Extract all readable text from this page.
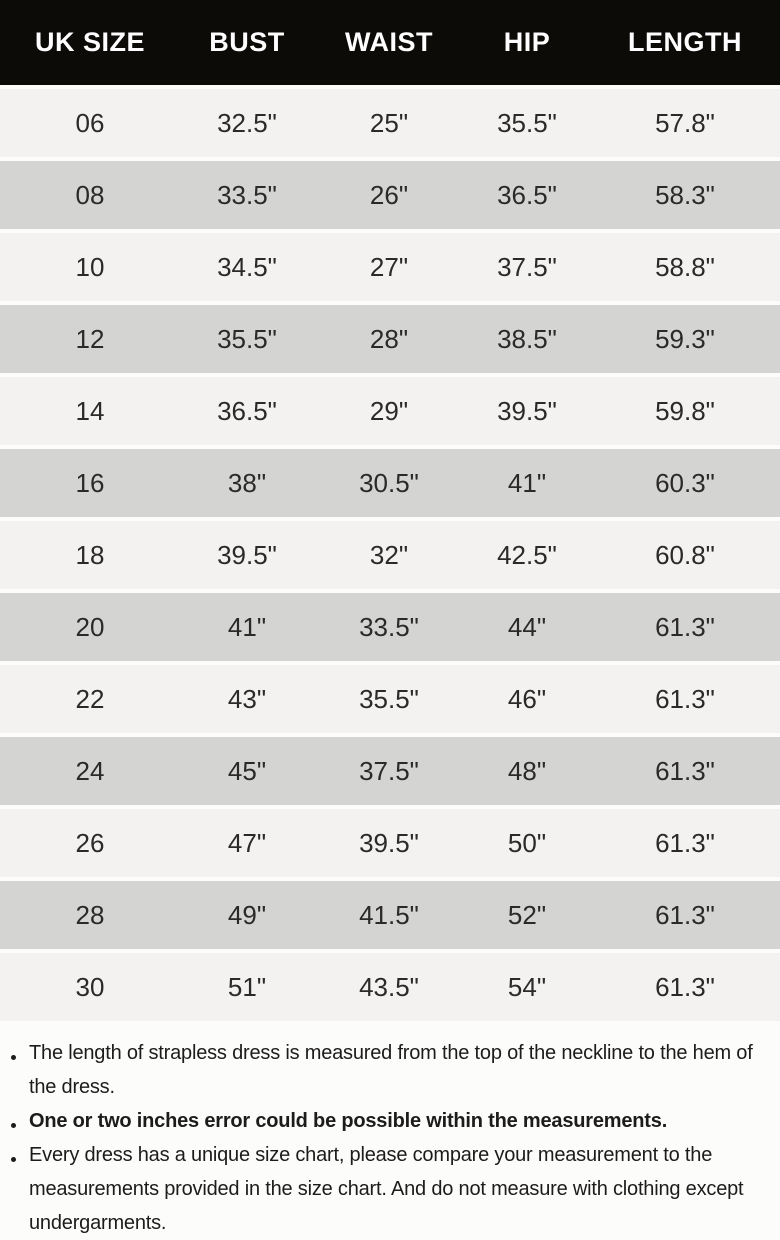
UK SIZE	BUST	WAIST	HIP	LENGTH
06	32.5"	25"	35.5"	57.8"
08	33.5"	26"	36.5"	58.3"
10	34.5"	27"	37.5"	58.8"
12	35.5"	28"	38.5"	59.3"
14	36.5"	29"	39.5"	59.8"
16	38"	30.5"	41"	60.3"
18	39.5"	32"	42.5"	60.8"
20	41"	33.5"	44"	61.3"
22	43"	35.5"	46"	61.3"
24	45"	37.5"	48"	61.3"
26	47"	39.5"	50"	61.3"
28	49"	41.5"	52"	61.3"
30	51"	43.5"	54"	61.3"
The length of strapless dress is measured from the top of the neckline to the hem of the dress.
One or two inches error could be possible within the measurements.
Every dress has a unique size chart, please compare your measurement to the measurements provided in the size chart. And do not measure with clothing except undergarments.
